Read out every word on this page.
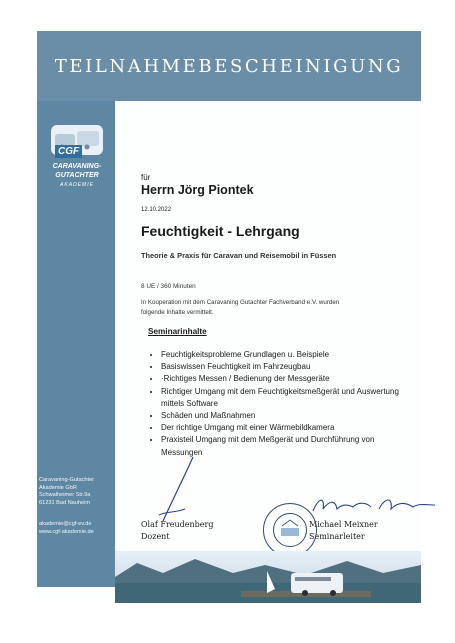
TEILNAHMEBESCHEINIGUNG
CGF
CARAVANING-
GUTACHTER
AKADEMIE
Caravaning-Gutachter
Akademie GbR
Schwalheimer Str.9a
61231 Bad Nauheim
akademie@cgf-ev.de
www.cgf-akademie.de
für
Herrn Jörg Piontek
12.10.2022
Feuchtigkeit - Lehrgang
Theorie & Praxis für Caravan und Reisemobil in Füssen
8 UE / 360 Minuten
In Kooperation mit dem Caravaning Gutachter Fachverband e.V. wurden
folgende Inhalte vermittelt.
Seminarinhalte
• Feuchtigkeitsprobleme Grundlagen u. Beispiele
• Basiswissen Feuchtigkeit im Fahrzeugbau
• ·Richtiges Messen / Bedienung der Messgeräte
• Richtiger Umgang mit dem Feuchtigkeitsmeßgerät und Auswertung mittels Software
• Schäden und Maßnahmen
• Der richtige Umgang mit einer Wärmebildkamera
• Praxisteil Umgang mit dem Meßgerät und Durchführung von Messungen
Olaf Freudenberg
Dozent
Michael Meixner
Seminarleiter
